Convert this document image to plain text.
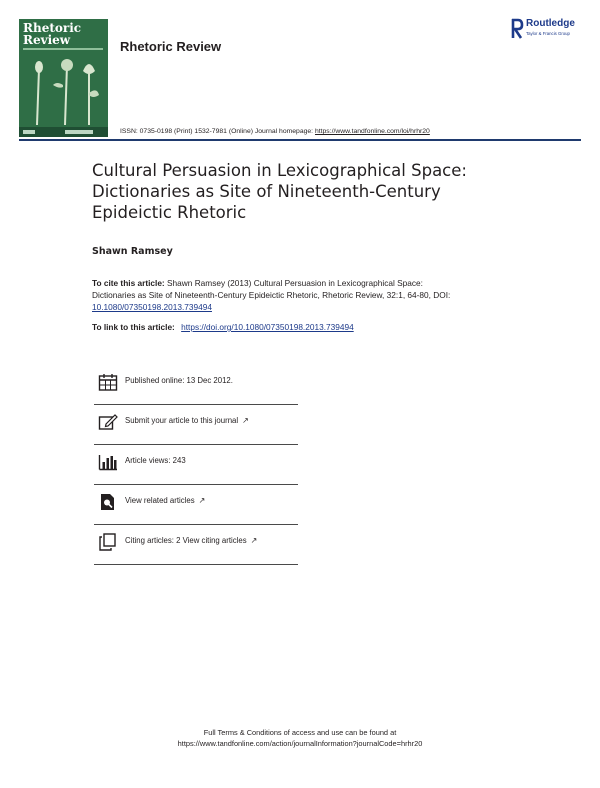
Rhetoric
Review	Rhetoric Review
Routledge
Taylor & Francis Group
ISSN: 0735-0198 (Print) 1532-7981 (Online) Journal homepage: https://www.tandfonline.com/loi/hrhr20
Cultural Persuasion in Lexicographical Space:
Dictionaries as Site of Nineteenth-Century
Epideictic Rhetoric
Shawn Ramsey
To cite this article: Shawn Ramsey (2013) Cultural Persuasion in Lexicographical Space:
Dictionaries as Site of Nineteenth-Century Epideictic Rhetoric, Rhetoric Review, 32:1, 64-80, DOI:
10.1080/07350198.2013.739494
To link to this article: https://doi.org/10.1080/07350198.2013.739494
Published online: 13 Dec 2012.
Submit your article to this journal ↗
Article views: 243
View related articles ↗
Citing articles: 2 View citing articles ↗
Full Terms & Conditions of access and use can be found at
https://www.tandfonline.com/action/journalInformation?journalCode=hrhr20
